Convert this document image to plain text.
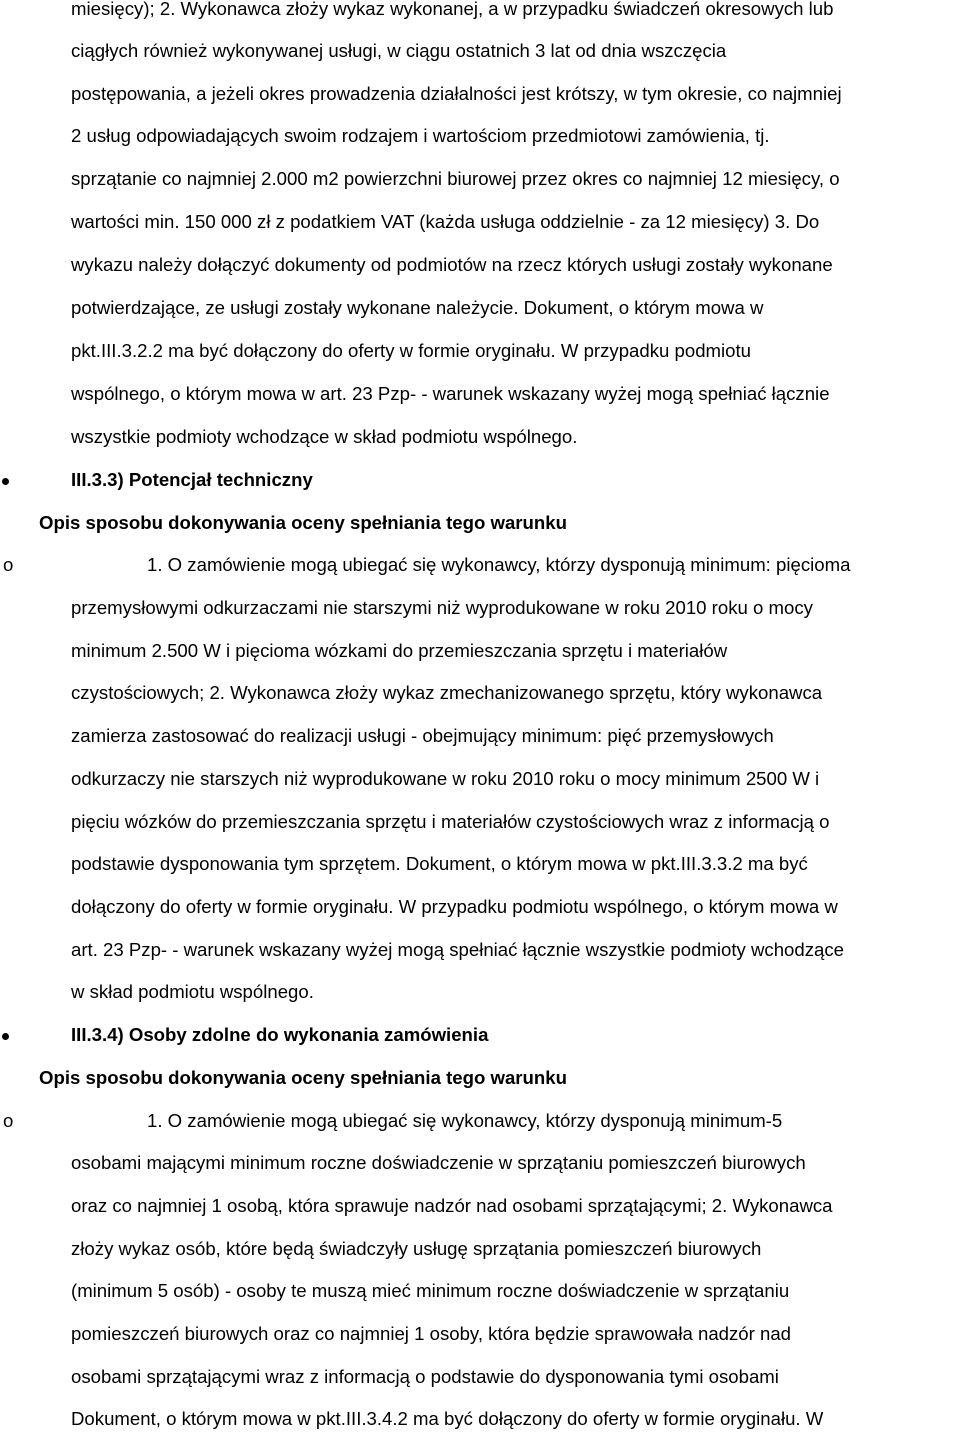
miesięcy); 2. Wykonawca złoży wykaz wykonanej, a w przypadku świadczeń okresowych lub
ciągłych również wykonywanej usługi, w ciągu ostatnich 3 lat od dnia wszczęcia
postępowania, a jeżeli okres prowadzenia działalności jest krótszy, w tym okresie, co najmniej
2 usług odpowiadających swoim rodzajem i wartościom przedmiotowi zamówienia, tj.
sprzątanie co najmniej 2.000 m2 powierzchni biurowej przez okres co najmniej 12 miesięcy, o
wartości min. 150 000 zł z podatkiem VAT (każda usługa oddzielnie - za 12 miesięcy) 3. Do
wykazu należy dołączyć dokumenty od podmiotów na rzecz których usługi zostały wykonane
potwierdzające, ze usługi zostały wykonane należycie. Dokument, o którym mowa w
pkt.III.3.2.2 ma być dołączony do oferty w formie oryginału. W przypadku podmiotu
wspólnego, o którym mowa w art. 23 Pzp- - warunek wskazany wyżej mogą spełniać łącznie
wszystkie podmioty wchodzące w skład podmiotu wspólnego.
III.3.3) Potencjał techniczny
Opis sposobu dokonywania oceny spełniania tego warunku
o	1. O zamówienie mogą ubiegać się wykonawcy, którzy dysponują minimum: pięcioma
przemysłowymi odkurzaczami nie starszymi niż wyprodukowane w roku 2010 roku o mocy
minimum 2.500 W i pięcioma wózkami do przemieszczania sprzętu i materiałów
czystościowych; 2. Wykonawca złoży wykaz zmechanizowanego sprzętu, który wykonawca
zamierza zastosować do realizacji usługi - obejmujący minimum: pięć przemysłowych
odkurzaczy nie starszych niż wyprodukowane w roku 2010 roku o mocy minimum 2500 W i
pięciu wózków do przemieszczania sprzętu i materiałów czystościowych wraz z informacją o
podstawie dysponowania tym sprzętem. Dokument, o którym mowa w pkt.III.3.3.2 ma być
dołączony do oferty w formie oryginału. W przypadku podmiotu wspólnego, o którym mowa w
art. 23 Pzp- - warunek wskazany wyżej mogą spełniać łącznie wszystkie podmioty wchodzące
w skład podmiotu wspólnego.
III.3.4) Osoby zdolne do wykonania zamówienia
Opis sposobu dokonywania oceny spełniania tego warunku
o	1. O zamówienie mogą ubiegać się wykonawcy, którzy dysponują minimum-5
osobami mającymi minimum roczne doświadczenie w sprzątaniu pomieszczeń biurowych
oraz co najmniej 1 osobą, która sprawuje nadzór nad osobami sprzątającymi; 2. Wykonawca
złoży wykaz osób, które będą świadczyły usługę sprzątania pomieszczeń biurowych
(minimum 5 osób) - osoby te muszą mieć minimum roczne doświadczenie w sprzątaniu
pomieszczeń biurowych oraz co najmniej 1 osoby, która będzie sprawowała nadzór nad
osobami sprzątającymi wraz z informacją o podstawie do dysponowania tymi osobami
Dokument, o którym mowa w pkt.III.3.4.2 ma być dołączony do oferty w formie oryginału. W
